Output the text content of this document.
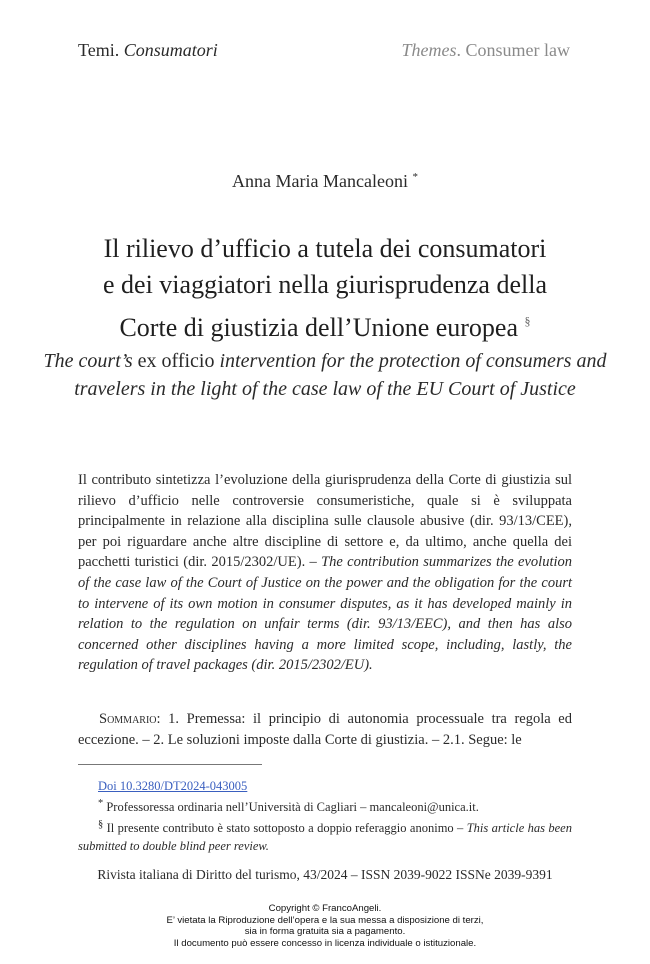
Temi. Consumatori	Themes. Consumer law
Anna Maria Mancaleoni *
Il rilievo d’ufficio a tutela dei consumatori
e dei viaggiatori nella giurisprudenza della
Corte di giustizia dell’Unione europea §
The court’s ex officio intervention for the protection of consumers and travelers in the light of the case law of the EU Court of Justice
Il contributo sintetizza l’evoluzione della giurisprudenza della Corte di giustizia sul rilievo d’ufficio nelle controversie consumeristiche, quale si è sviluppata principalmente in relazione alla disciplina sulle clausole abusive (dir. 93/13/CEE), per poi riguardare anche altre discipline di settore e, da ultimo, anche quella dei pacchetti turistici (dir. 2015/2302/UE). – The contribution summarizes the evolution of the case law of the Court of Justice on the power and the obligation for the court to intervene of its own motion in consumer disputes, as it has developed mainly in relation to the regulation on unfair terms (dir. 93/13/EEC), and then has also concerned other disciplines having a more limited scope, including, lastly, the regulation of travel packages (dir. 2015/2302/EU).
Sommario: 1. Premessa: il principio di autonomia processuale tra regola ed eccezione. – 2. Le soluzioni imposte dalla Corte di giustizia. – 2.1. Segue: le
Doi 10.3280/DT2024-043005
* Professoressa ordinaria nell’Università di Cagliari – mancaleoni@unica.it.
§ Il presente contributo è stato sottoposto a doppio referaggio anonimo – This article has been submitted to double blind peer review.
Rivista italiana di Diritto del turismo, 43/2024 – ISSN 2039-9022 ISSNe 2039-9391
Copyright © FrancoAngeli.
E’ vietata la Riproduzione dell’opera e la sua messa a disposizione di terzi,
sia in forma gratuita sia a pagamento.
Il documento può essere concesso in licenza individuale o istituzionale.
